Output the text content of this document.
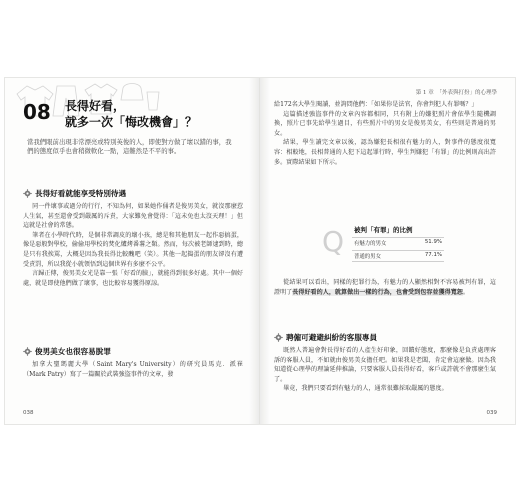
08 長得好看，
就多一次「悔改機會」？
當我們眼前出現非常漂亮或特別英俊的人，即使對方做了壞以錯的事，我們的態度似乎也會稍微軟化一點，這難然是不平的事。
長得好看就能享受特別待遇

同一件壞事或過分的行行，不知為何，如果她作俑者是俊男美女，就沒那麼惹人生氣，甚至還會受到嚴厲的斥責，大家難免會覺得：「這未免也太沒天理！」但這就是社會的常態。

筆者在小學時代時，是個非常調皮的壞小孩，總是和其他朋友一起作惡搞蛋，像是惡般對學校，偷偷用學校的焚化爐烤番薯之類。然而，每次被老師逮到時，總是只有我挨罵，大概是因為我長得比較醜吧（笑）。其他一起搗蛋的朋友卻沒有遭受責罰，所以我從小就領悟到這個世界有多麼不公平。

言歸正傳，俊男美女光是靠一張「好看的臉」，就能得到很多好處。其中一個好處，就是即使他們做了壞事，也比較容易獲得原諒。

俊男美女也很容易脫罪

加拿大聖瑪麗大學（Saint Mary's University）的研究員馬克．派崔（Mark Patry）寫了一篇關於武裝強盜事件的文章，發

038
第 1 章　「外表與打扮」的心理學

給172名大學生閱讀，並詢問他們：「如果你是法官，你會判犯人有罪嗎？」

這篇描述強盜事件的文章內容都相同，只有附上的嫌犯照片會依學生隨機調換，照片已事先給學生過目，有些照片中的男女是俊男美女，有些則是普通的男女。

結果，學生讀完文章以後，認為嫌犯長相很有魅力的人，對事件的態度很寬容：相較地，長相普通的人犯下這起罪行時，學生判嫌犯「有罪」的比例則高出許多。實際結果如下所示。

Q 被判「有罪」的比例
有魅力的男女	51.9%
普通的男女	77.1%

從結果可以看出，同樣的犯罪行為，有魅力的人顯然相對不容易被判有罪，這證明了長得好看的人，就算做出一樣的行為，也會受到包容並獲得寬恕。

聘僱可避避糾紛的客服專員

既然人普遍會對長得好看的人產生好印象，回饋好態度，那麼像是負責處理客訴的客服人員，不如就由俊男美女擔任吧。如果我是老闆，肯定會這麼做。因為我知道從心理學的理論延伸推論，只要客服人員長得好看，客戶或許就不會那麼生氣了。

畢竟，我們只要看到有魅力的人，通常很難採取嚴厲的態度。

039
